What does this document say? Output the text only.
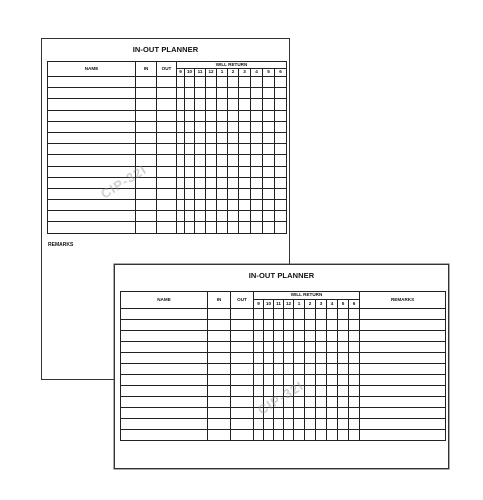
IN-OUT PLANNER
NAME	IN	OUT	WILL RETURN									
			9	10	11	12	1	2	3	4	5	6

REMARKS
CIP-32I
IN-OUT PLANNER
NAME	IN	OUT	WILL RETURN										REMARKS
			9	10	11	12	1	2	3	4	5	6	

CIP-32I
